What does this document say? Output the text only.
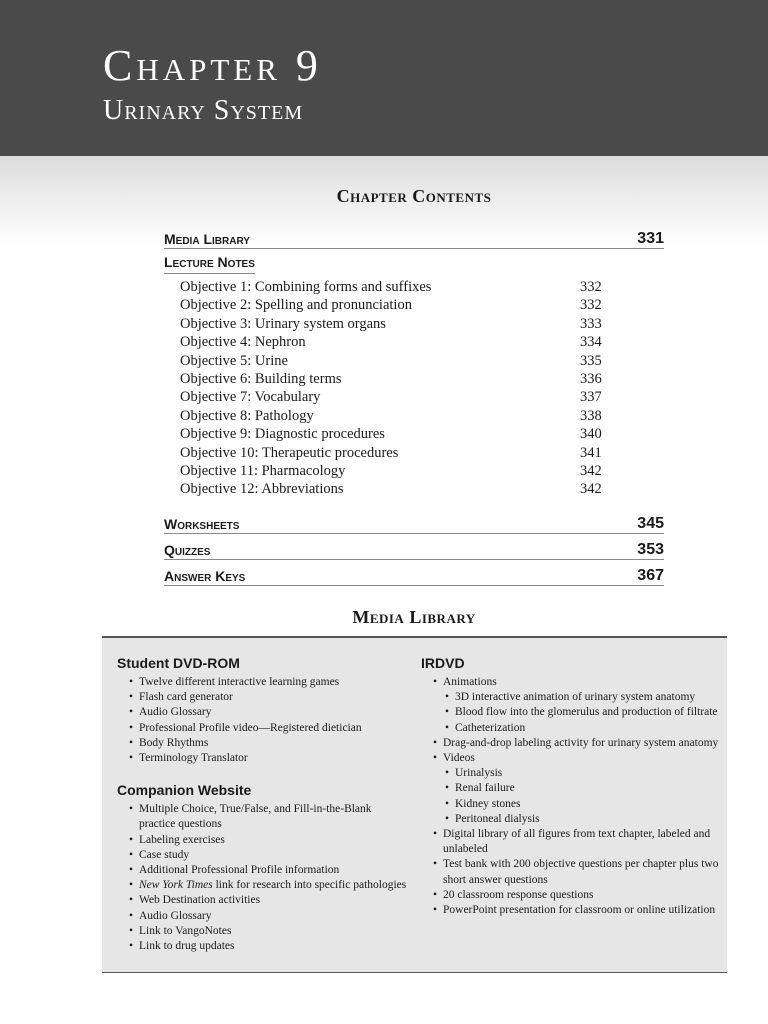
Chapter 9
Urinary System
Chapter Contents
Media Library	331
Lecture Notes
Objective 1: Combining forms and suffixes	332
Objective 2: Spelling and pronunciation	332
Objective 3: Urinary system organs	333
Objective 4: Nephron	334
Objective 5: Urine	335
Objective 6: Building terms	336
Objective 7: Vocabulary	337
Objective 8: Pathology	338
Objective 9: Diagnostic procedures	340
Objective 10: Therapeutic procedures	341
Objective 11: Pharmacology	342
Objective 12: Abbreviations	342
Worksheets	345
Quizzes	353
Answer Keys	367
Media Library
Student DVD-ROM
• Twelve different interactive learning games
• Flash card generator
• Audio Glossary
• Professional Profile video—Registered dietician
• Body Rhythms
• Terminology Translator
Companion Website
• Multiple Choice, True/False, and Fill-in-the-Blank practice questions
• Labeling exercises
• Case study
• Additional Professional Profile information
• New York Times link for research into specific pathologies
• Web Destination activities
• Audio Glossary
• Link to VangoNotes
• Link to drug updates
IRDVD
• Animations
• 3D interactive animation of urinary system anatomy
• Blood flow into the glomerulus and production of filtrate
• Catheterization
• Drag-and-drop labeling activity for urinary system anatomy
• Videos
• Urinalysis
• Renal failure
• Kidney stones
• Peritoneal dialysis
• Digital library of all figures from text chapter, labeled and unlabeled
• Test bank with 200 objective questions per chapter plus two short answer questions
• 20 classroom response questions
• PowerPoint presentation for classroom or online utilization
